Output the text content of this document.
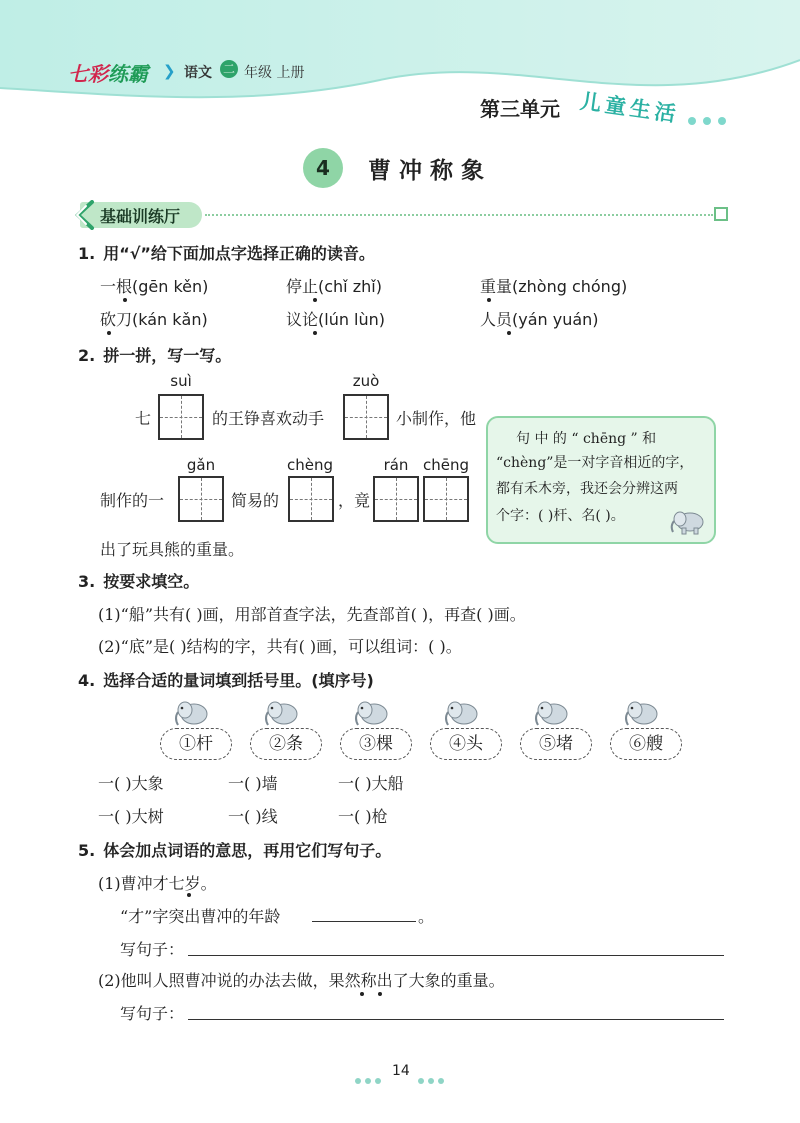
七彩练霸 ❯ 语文 二 年级 上册
第三单元 儿童生活
4	曹冲称象
基础训练厅
1. 用“√”给下面加点字选择正确的读音。
一根(gēn kěn)	停止(chǐ zhǐ)	重量(zhòng chóng)
砍刀(kán kǎn)	议论(lún lùn)	人员(yán yuán)
2. 拼一拼，写一写。
七
suì
的王铮喜欢动手
zuò
小制作，他
制作的一
gǎn
简易的
chèng
，竟
rán chēng
出了玩具熊的重量。
句 中 的 “ chēng ” 和
“chèng”是一对字音相近的字，
都有禾木旁，我还会分辨这两
个字：( )杆、名( )。
3. 按要求填空。
(1)“船”共有( )画，用部首查字法，先查部首( )，再查( )画。
(2)“底”是( )结构的字，共有( )画，可以组词：( )。
4. 选择合适的量词填到括号里。(填序号)
①杆	②条	③棵	④头	⑤堵	⑥艘
一( )大象	一( )墙	一( )大船
一( )大树	一( )线	一( )枪
5. 体会加点词语的意思，再用它们写句子。
(1)曹冲才七岁。
“才”字突出曹冲的年龄	。
写句子：
(2)他叫人照曹冲说的办法去做，果然称出了大象的重量。
写句子：
14
